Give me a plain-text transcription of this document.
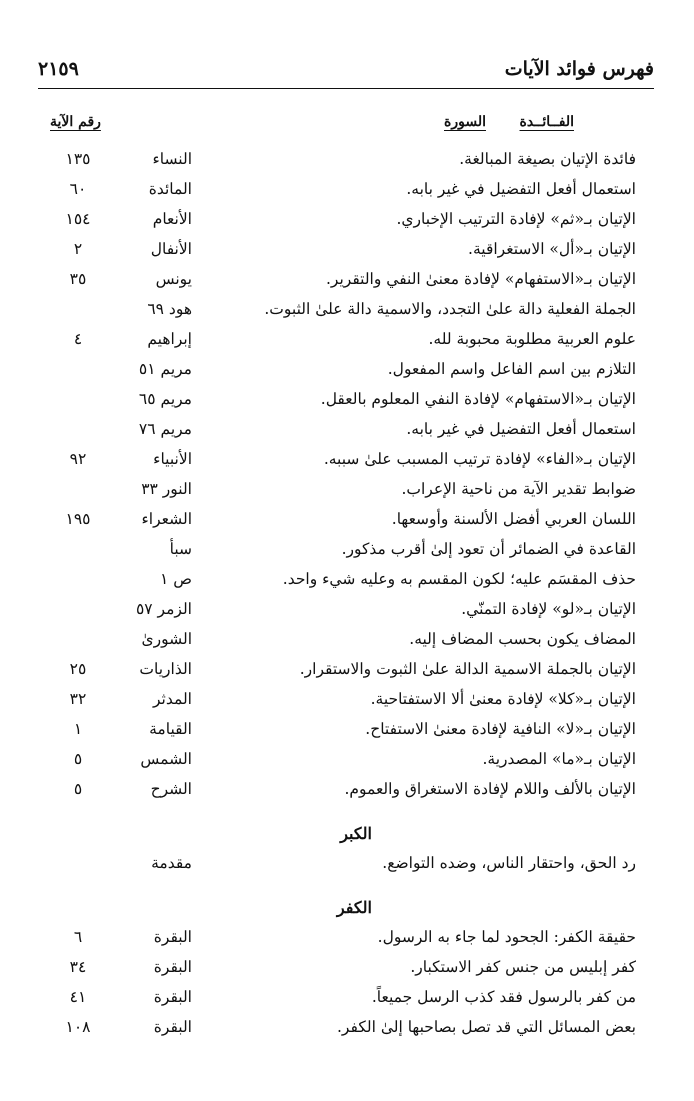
فهرس فوائد الآيات
٢١٥٩
الفــائــدة
السورة
رقم الآية
فائدة الإتيان بصيغة المبالغة.
النساء
١٣٥
استعمال أفعل التفضيل في غير بابه.
المائدة
٦٠
الإتيان بـ«ثم» لإفادة الترتيب الإخباري.
الأنعام
١٥٤
الإتيان بـ«أل» الاستغراقية.
الأنفال
٢
الإتيان بـ«الاستفهام» لإفادة معنىٰ النفي والتقرير.
يونس
٣٥
الجملة الفعلية دالة علىٰ التجدد، والاسمية دالة علىٰ الثبوت.
هود ٦٩
علوم العربية مطلوبة محبوبة لله.
إبراهيم
٤
التلازم بين اسم الفاعل واسم المفعول.
مريم ٥١
الإتيان بـ«الاستفهام» لإفادة النفي المعلوم بالعقل.
مريم ٦٥
استعمال أفعل التفضيل في غير بابه.
مريم ٧٦
الإتيان بـ«الفاء» لإفادة ترتيب المسبب علىٰ سببه.
الأنبياء
٩٢
ضوابط تقدير الآية من ناحية الإعراب.
النور ٣٣
اللسان العربي أفضل الألسنة وأوسعها.
الشعراء
١٩٥
القاعدة في الضمائر أن تعود إلىٰ أقرب مذكور.
سبأ
حذف المقسَم عليه؛ لكون المقسم به وعليه شيء واحد.
ص ١
الإتيان بـ«لو» لإفادة التمنّي.
الزمر ٥٧
المضاف يكون بحسب المضاف إليه.
الشورىٰ
الإتيان بالجملة الاسمية الدالة علىٰ الثبوت والاستقرار.
الذاريات
٢٥
الإتيان بـ«كلا» لإفادة معنىٰ ألا الاستفتاحية.
المدثر
٣٢
الإتيان بـ«لا» النافية لإفادة معنىٰ الاستفتاح.
القيامة
١
الإتيان بـ«ما» المصدرية.
الشمس
٥
الإتيان بالألف واللام لإفادة الاستغراق والعموم.
الشرح
٥
الكبر
رد الحق، واحتقار الناس، وضده التواضع.
مقدمة
الكفر
حقيقة الكفر: الجحود لما جاء به الرسول.
البقرة
٦
كفر إبليس من جنس كفر الاستكبار.
البقرة
٣٤
من كفر بالرسول فقد كذب الرسل جميعاً.
البقرة
٤١
بعض المسائل التي قد تصل بصاحبها إلىٰ الكفر.
البقرة
١٠٨
